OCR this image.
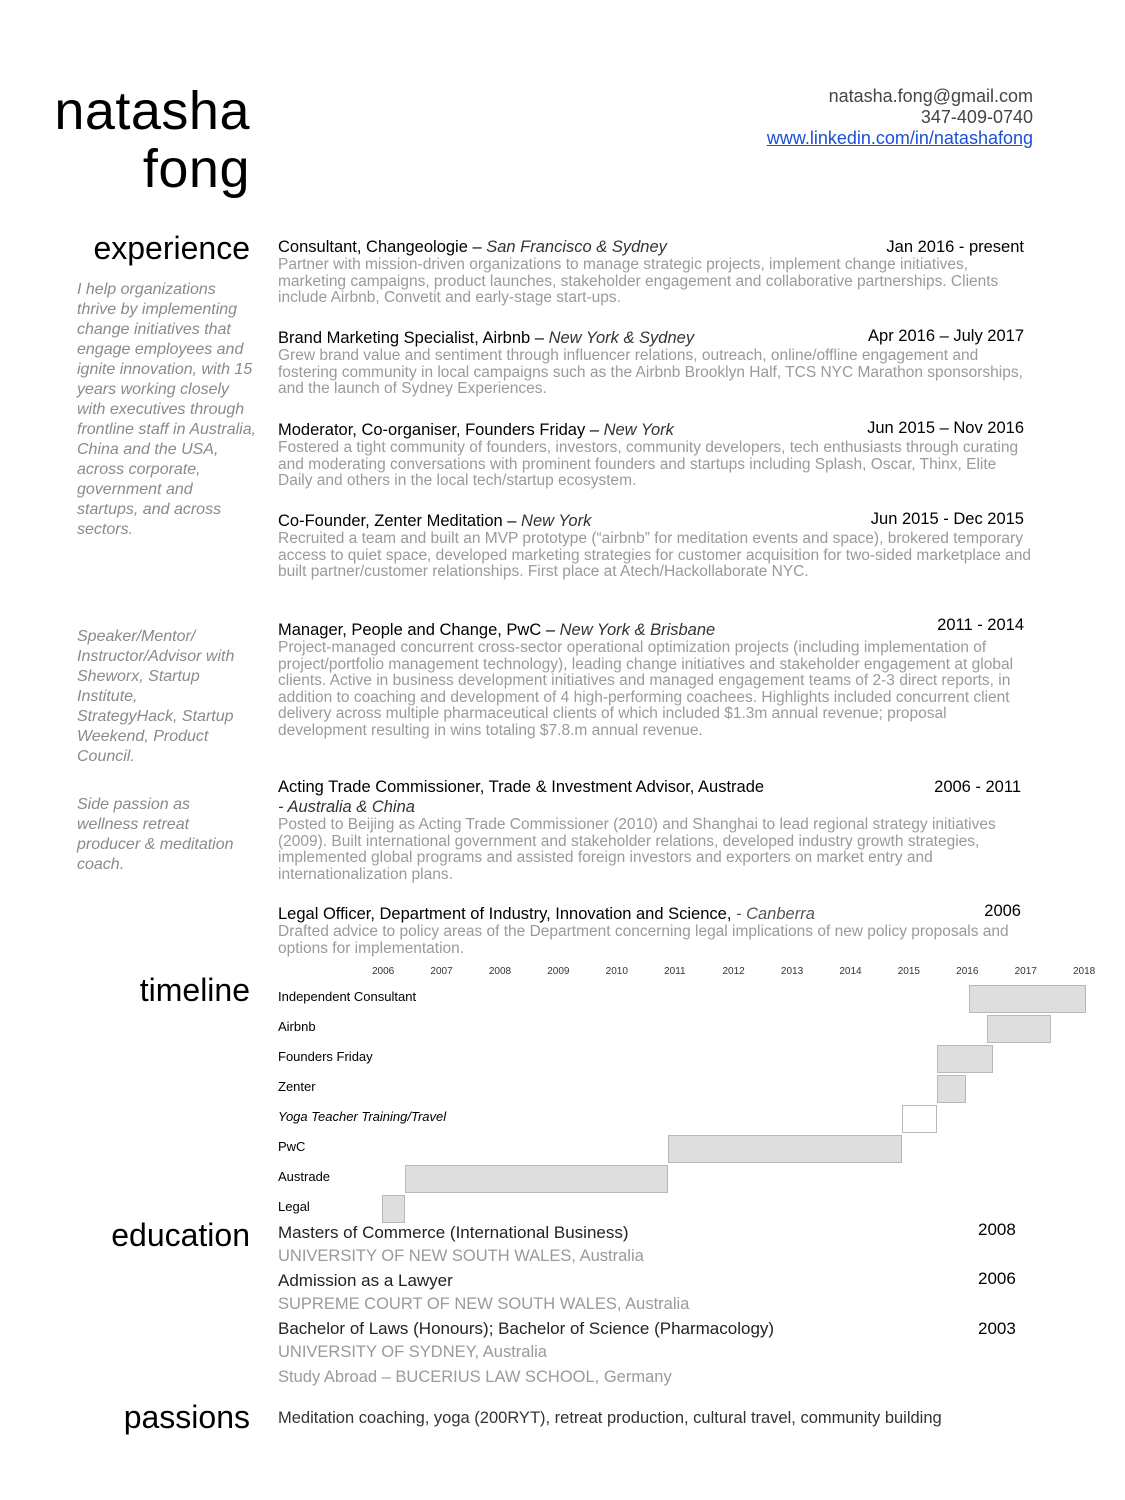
natasha
fong
natasha.fong@gmail.com
347-409-0740
www.linkedin.com/in/natashafong
experience
timeline
education
passions
I help organizations thrive by implementing change initiatives that engage employees and ignite innovation, with 15 years working closely with executives through frontline staff in Australia, China and the USA, across corporate, government and startups, and across sectors.
Speaker/Mentor/ Instructor/Advisor with Sheworx, Startup Institute, StrategyHack, Startup Weekend, Product Council.
Side passion as wellness retreat producer & meditation coach.
Consultant, Changeologie – San Francisco & Sydney	Jan 2016 - present
Partner with mission-driven organizations to manage strategic projects, implement change initiatives, marketing campaigns, product launches, stakeholder engagement and collaborative partnerships. Clients include Airbnb, Convetit and early-stage start-ups.
Brand Marketing Specialist, Airbnb – New York & Sydney	Apr 2016 – July 2017
Grew brand value and sentiment through influencer relations, outreach, online/offline engagement and fostering community in local campaigns such as the Airbnb Brooklyn Half, TCS NYC Marathon sponsorships, and the launch of Sydney Experiences.
Moderator, Co-organiser, Founders Friday – New York	Jun 2015 – Nov 2016
Fostered a tight community of founders, investors, community developers, tech enthusiasts through curating and moderating conversations with prominent founders and startups including Splash, Oscar, Thinx, Elite Daily and others in the local tech/startup ecosystem.
Co-Founder, Zenter Meditation – New York	Jun 2015 - Dec 2015
Recruited a team and built an MVP prototype (“airbnb” for meditation events and space), brokered temporary access to quiet space, developed marketing strategies for customer acquisition for two-sided marketplace and built partner/customer relationships. First place at Atech/Hackollaborate NYC.
Manager, People and Change, PwC – New York & Brisbane	2011 - 2014
Project-managed concurrent cross-sector operational optimization projects (including implementation of project/portfolio management technology), leading change initiatives and stakeholder engagement at global clients. Active in business development initiatives and managed engagement teams of 2-3 direct reports, in addition to coaching and development of 4 high-performing coachees. Highlights included concurrent client delivery across multiple pharmaceutical clients of which included $1.3m annual revenue; proposal development resulting in wins totaling $7.8.m annual revenue.
Acting Trade Commissioner, Trade & Investment Advisor, Austrade	2006 - 2011
- Australia & China
Posted to Beijing as Acting Trade Commissioner (2010) and Shanghai to lead regional strategy initiatives (2009). Built international government and stakeholder relations, developed industry growth strategies, implemented global programs and assisted foreign investors and exporters on market entry and internationalization plans.
Legal Officer, Department of Industry, Innovation and Science, - Canberra	2006
Drafted advice to policy areas of the Department concerning legal implications of new policy proposals and options for implementation.
2006	2007	2008	2009	2010	2011	2012	2013	2014	2015	2016	2017	2018
Independent Consultant
Airbnb
Founders Friday
Zenter
Yoga Teacher Training/Travel
PwC
Austrade
Legal
Masters of Commerce (International Business)	2008
UNIVERSITY OF NEW SOUTH WALES, Australia
Admission as a Lawyer	2006
SUPREME COURT OF NEW SOUTH WALES, Australia
Bachelor of Laws (Honours); Bachelor of Science (Pharmacology)	2003
UNIVERSITY OF SYDNEY, Australia
Study Abroad – BUCERIUS LAW SCHOOL, Germany
Meditation coaching, yoga (200RYT), retreat production, cultural travel, community building
